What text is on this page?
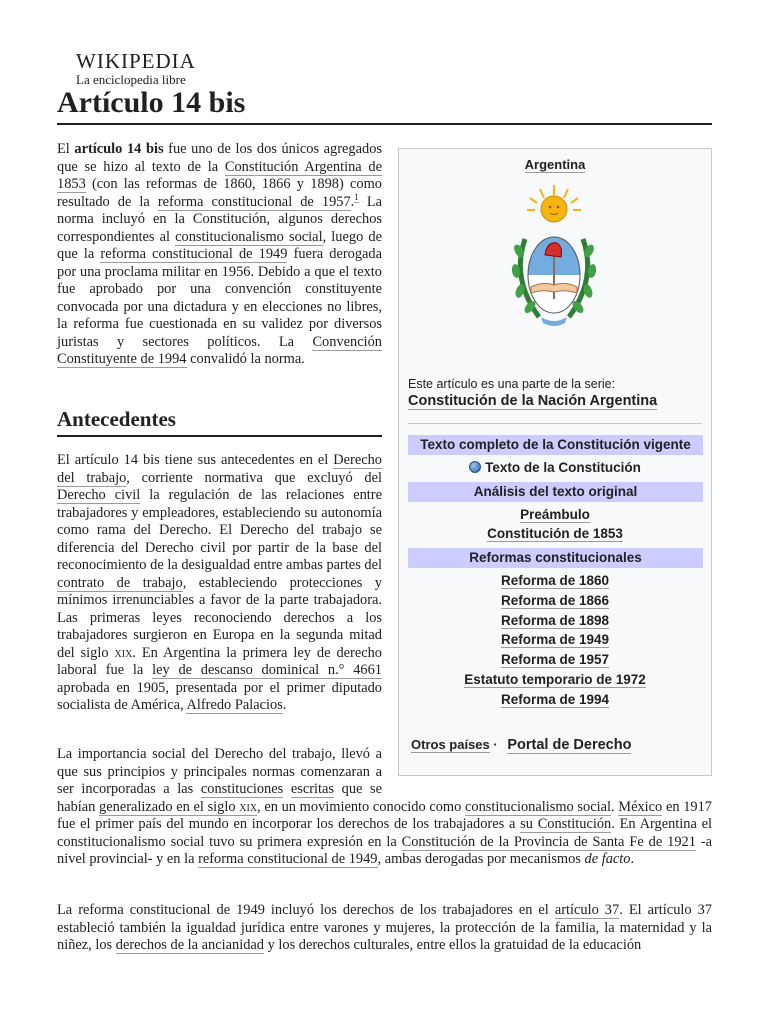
WIKIPEDIA
La enciclopedia libre
Artículo 14 bis
El artículo 14 bis fue uno de los dos únicos agregados que se hizo al texto de la Constitución Argentina de 1853 (con las reformas de 1860, 1866 y 1898) como resultado de la reforma constitucional de 1957.$^1$ La norma incluyó en la Constitución, algunos derechos correspondientes al constitucionalismo social, luego de que la reforma constitucional de 1949 fuera derogada por una proclama militar en 1956. Debido a que el texto fue aprobado por una convención constituyente convocada por una dictadura y en elecciones no libres, la reforma fue cuestionada en su validez por diversos juristas y sectores políticos. La Convención Constituyente de 1994 convalidó la norma.
Antecedentes
El artículo 14 bis tiene sus antecedentes en el Derecho del trabajo, corriente normativa que excluyó del Derecho civil la regulación de las relaciones entre trabajadores y empleadores, estableciendo su autonomía como rama del Derecho. El Derecho del trabajo se diferencia del Derecho civil por partir de la base del reconocimiento de la desigualdad entre ambas partes del contrato de trabajo, estableciendo protecciones y mínimos irrenunciables a favor de la parte trabajadora. Las primeras leyes reconociendo derechos a los trabajadores surgieron en Europa en la segunda mitad del siglo xix. En Argentina la primera ley de derecho laboral fue la ley de descanso dominical n.° 4661 aprobada en 1905, presentada por el primer diputado socialista de América, Alfredo Palacios.
La importancia social del Derecho del trabajo, llevó a que sus principios y principales normas comenzaran a ser incorporadas a las constituciones escritas que se habían generalizado en el siglo xix, en un movimiento conocido como constitucionalismo social. México en 1917 fue el primer país del mundo en incorporar los derechos de los trabajadores a su Constitución. En Argentina el constitucionalismo social tuvo su primera expresión en la Constitución de la Provincia de Santa Fe de 1921 -a nivel provincial- y en la reforma constitucional de 1949, ambas derogadas por mecanismos de facto.
La reforma constitucional de 1949 incluyó los derechos de los trabajadores en el artículo 37. El artículo 37 estableció también la igualdad jurídica entre varones y mujeres, la protección de la familia, la maternidad y la niñez, los derechos de la ancianidad y los derechos culturales, entre ellos la gratuidad de la educación
Argentina
Este artículo es una parte de la serie:
Constitución de la Nación Argentina
Texto completo de la Constitución vigente
Texto de la Constitución
Análisis del texto original
Preámbulo
Constitución de 1853
Reformas constitucionales
Reforma de 1860
Reforma de 1866
Reforma de 1898
Reforma de 1949
Reforma de 1957
Estatuto temporario de 1972
Reforma de 1994
Otros países · Portal de Derecho
